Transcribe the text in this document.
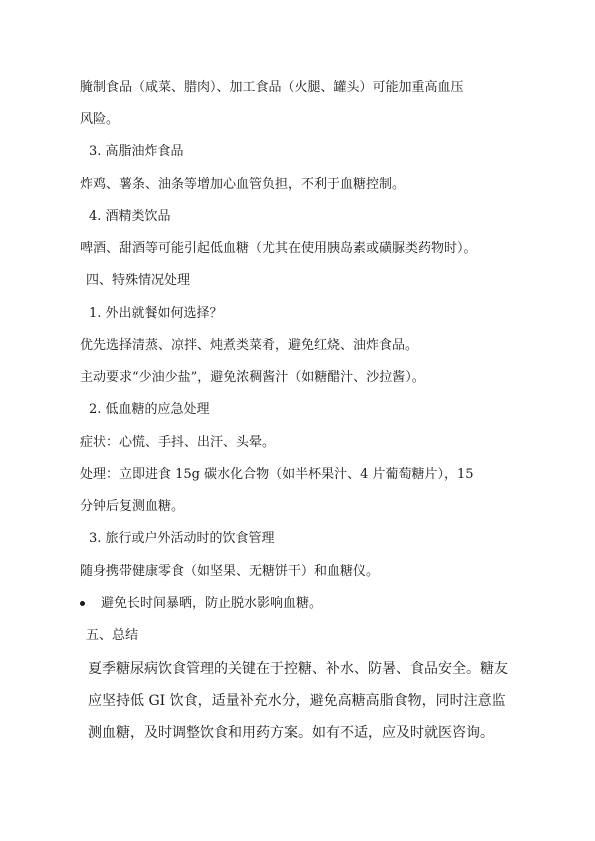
腌制食品（咸菜、腊肉）、加工食品（火腿、罐头）可能加重高血压
风险。
3. 高脂油炸食品
炸鸡、薯条、油条等增加心血管负担，不利于血糖控制。
4. 酒精类饮品
啤酒、甜酒等可能引起低血糖（尤其在使用胰岛素或磺脲类药物时）。
四、特殊情况处理
1. 外出就餐如何选择？
优先选择清蒸、凉拌、炖煮类菜肴，避免红烧、油炸食品。
主动要求“少油少盐”，避免浓稠酱汁（如糖醋汁、沙拉酱）。
2. 低血糖的应急处理
症状：心慌、手抖、出汗、头晕。
处理：立即进食 15g 碳水化合物（如半杯果汁、4 片葡萄糖片），15
分钟后复测血糖。
3. 旅行或户外活动时的饮食管理
随身携带健康零食（如坚果、无糖饼干）和血糖仪。
避免长时间暴晒，防止脱水影响血糖。
五、总结
夏季糖尿病饮食管理的关键在于控糖、补水、防暑、食品安全。糖友
应坚持低 GI 饮食，适量补充水分，避免高糖高脂食物，同时注意监
测血糖，及时调整饮食和用药方案。如有不适，应及时就医咨询。
